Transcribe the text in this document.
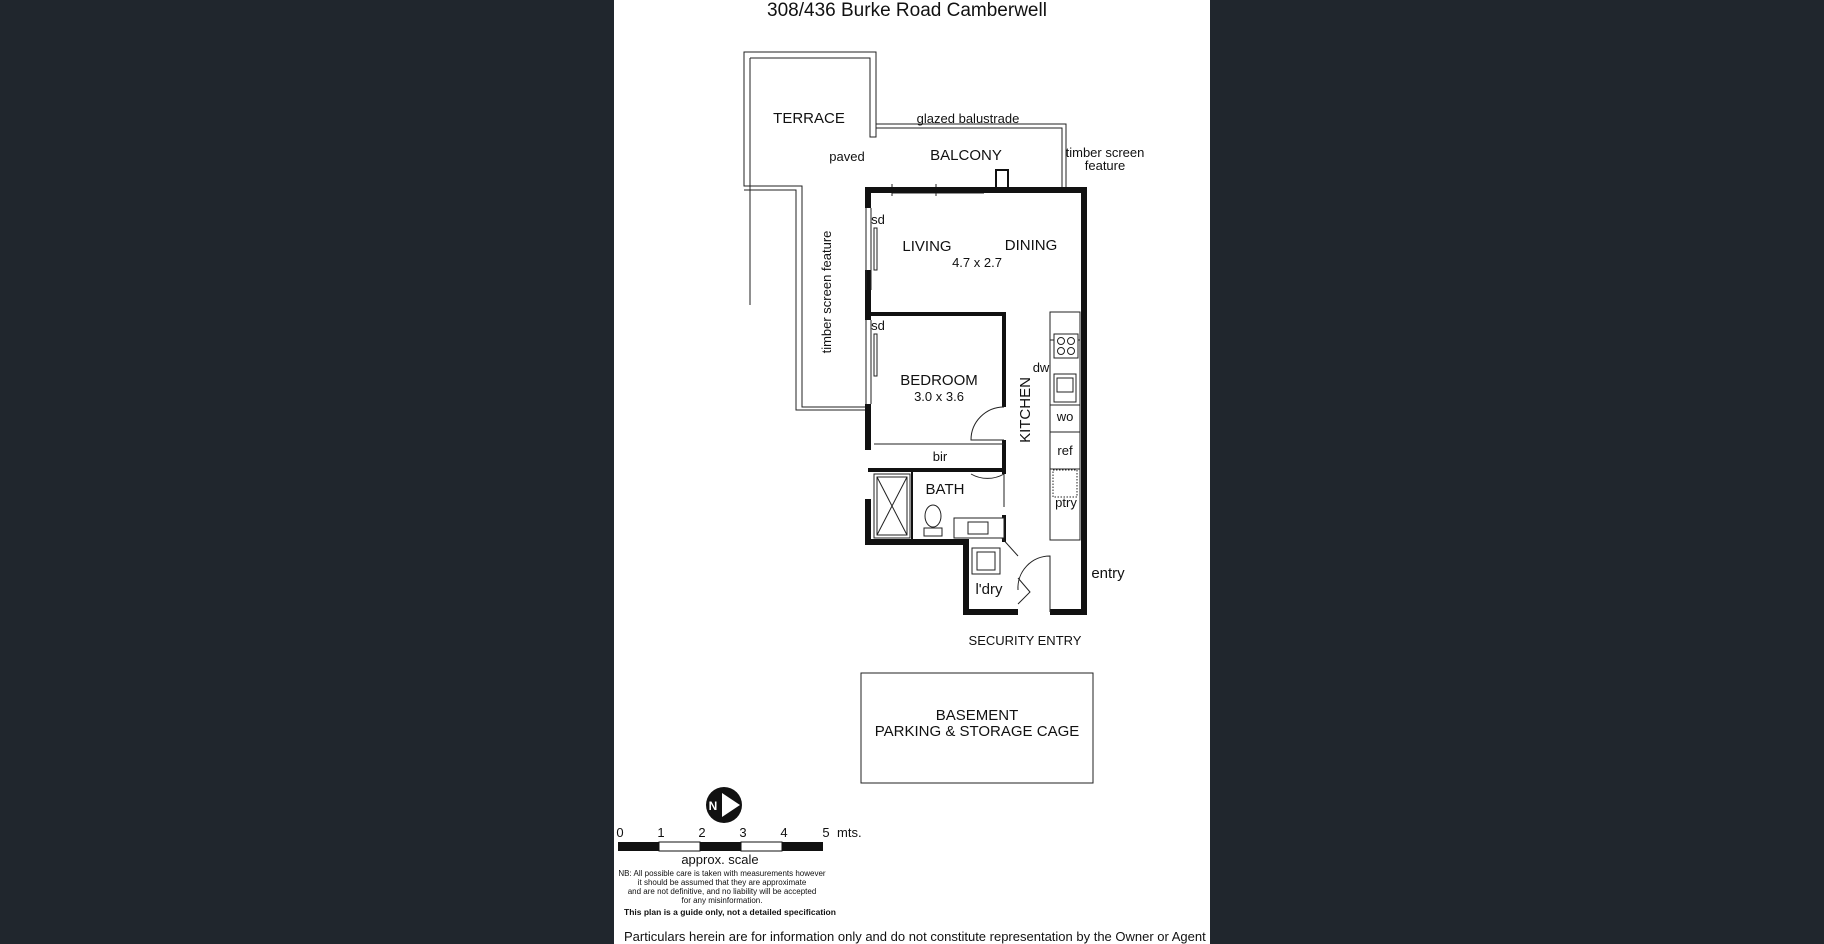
308/436 Burke Road Camberwell
TERRACE
paved
glazed balustrade
BALCONY	timber screen
feature
timber screen feature
sd
sd
LIVING	DINING
4.7 x 2.7
BEDROOM
3.0 x 3.6
bir
BATH
KITCHEN
dw
wo
ref
ptry
l'dry
entry
SECURITY ENTRY
BASEMENT
PARKING & STORAGE CAGE
N
0	1	2	3	4	5 mts.
approx. scale
NB: All possible care is taken with measurements however
it should be assumed that they are approximate
and are not definitive, and no liability will be accepted
for any misinformation.
This plan is a guide only, not a detailed specification
Particulars herein are for information only and do not constitute representation by the Owner or Agent
